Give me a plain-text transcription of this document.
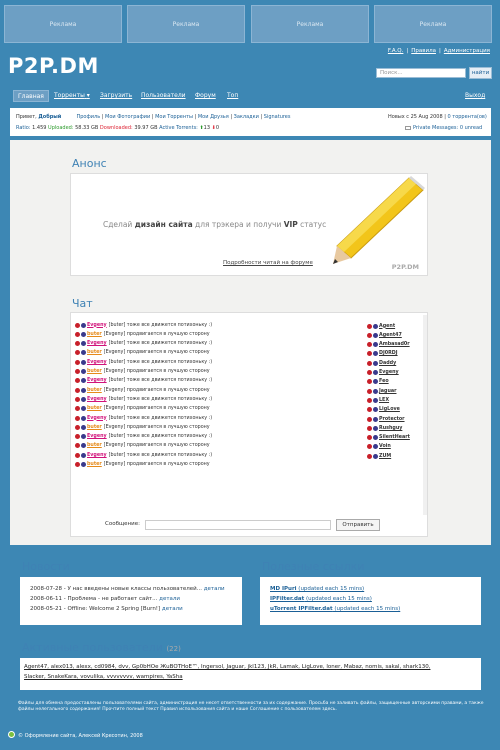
Реклама	Реклама	Реклама	Реклама
F.A.Q. | Правила | Администрация
P2P.DM	Поиск...	найти
Главная	Торренты ▾ Загрузить Пользователи Форум Топ	Выход
Привет, Добрый	Профиль | Мои Фотографии | Мои Торренты | Мои Друзья | Закладки | Signatures	Новых с 25 Aug 2008 | 0 торрента(ов)
Ratio: 1.459 Uploaded: 58.33 GB Downloaded: 39.97 GB Active Torrents: ⬆13 ⬇0	Private Messages: 0 unread
Анонс
Сделай дизайн сайта для трэкера и получи VIP статус
Подробности читай на форуме	P2P.DM
Чат
Evgeny [buter] тоже все движется потихоньку :)
buter [Evgeny] продвигается в лучшую сторону
Evgeny [buter] тоже все движется потихоньку :)
buter [Evgeny] продвигается в лучшую сторону
Evgeny [buter] тоже все движется потихоньку :)
buter [Evgeny] продвигается в лучшую сторону
Evgeny [buter] тоже все движется потихоньку :)
buter [Evgeny] продвигается в лучшую сторону
Evgeny [buter] тоже все движется потихоньку :)
buter [Evgeny] продвигается в лучшую сторону
Evgeny [buter] тоже все движется потихоньку :)
buter [Evgeny] продвигается в лучшую сторону
Evgeny [buter] тоже все движется потихоньку :)
buter [Evgeny] продвигается в лучшую сторону
Evgeny [buter] тоже все движется потихоньку :)
buter [Evgeny] продвигается в лучшую сторону
Agent
Agent47
Ambasad0r
DJ0RDJ
Daddy
Evgeny
Feo
Jaguar
LEX
LigLove
Protector
Rushguy
SilentHeart
Voin
ZUM
Сообщение:	Отправить
Новости
2008-07-28 - У нас введены новые классы пользователей... детали
2008-06-11 - Проблема - не работает сайт... детали
2008-05-21 - Offline: Welcome 2 Spring [Burn!] детали
Полезные ссылки
MD IPuri (updated each 15 mins)
IPFilter.dat (updated each 15 mins)
uTorrent IPFilter.dat (updated each 15 mins)
Активные пользователи (22)
Agent47, alex013, alexx, cd0984, dvv, Gp0bHOe ЖuBOTHoE™, Ingersol, Jaguar, jkl123, JkR, Lamak, LigLove, loner, Mabaz, nomis, sakal, shark130,
Slacker, SnakeKara, vovulika, vvvvvvvv, wampires, YaSha
Файлы для обмена предоставлены пользователями сайта, администрация не несет ответственности за их содержание. Просьба не заливать файлы, защищенные авторскими правами, а также файлы нелегального содержания! Прочтите полный текст Правил использования сайта и наше Соглашение с пользователем здесь.
© Оформление сайта, Алексей Кресотин, 2008
